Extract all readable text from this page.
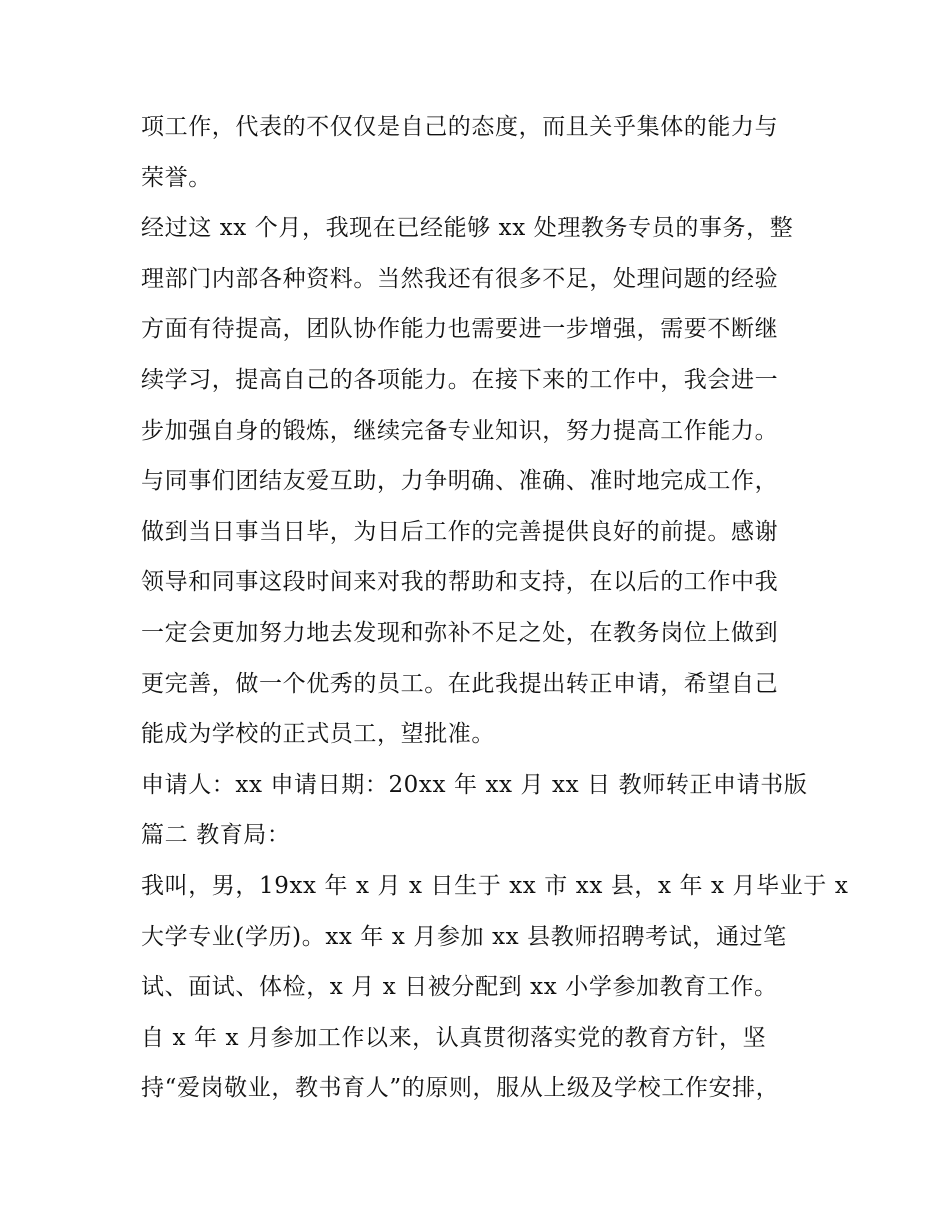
项工作，代表的不仅仅是自己的态度，而且关乎集体的能力与
荣誉。
经过这 xx 个月，我现在已经能够 xx 处理教务专员的事务，整
理部门内部各种资料。当然我还有很多不足，处理问题的经验
方面有待提高，团队协作能力也需要进一步增强，需要不断继
续学习，提高自己的各项能力。在接下来的工作中，我会进一
步加强自身的锻炼，继续完备专业知识，努力提高工作能力。
与同事们团结友爱互助，力争明确、准确、准时地完成工作，
做到当日事当日毕，为日后工作的完善提供良好的前提。感谢
领导和同事这段时间来对我的帮助和支持，在以后的工作中我
一定会更加努力地去发现和弥补不足之处，在教务岗位上做到
更完善，做一个优秀的员工。在此我提出转正申请，希望自己
能成为学校的正式员工，望批准。
申请人：xx 申请日期：20xx 年 xx 月 xx 日 教师转正申请书版
篇二 教育局：
我叫，男，19xx 年 x 月 x 日生于 xx 市 xx 县，x 年 x 月毕业于 x
大学专业(学历)。xx 年 x 月参加 xx 县教师招聘考试，通过笔
试、面试、体检，x 月 x 日被分配到 xx 小学参加教育工作。
自 x 年 x 月参加工作以来，认真贯彻落实党的教育方针，坚
持“爱岗敬业，教书育人”的原则，服从上级及学校工作安排，
